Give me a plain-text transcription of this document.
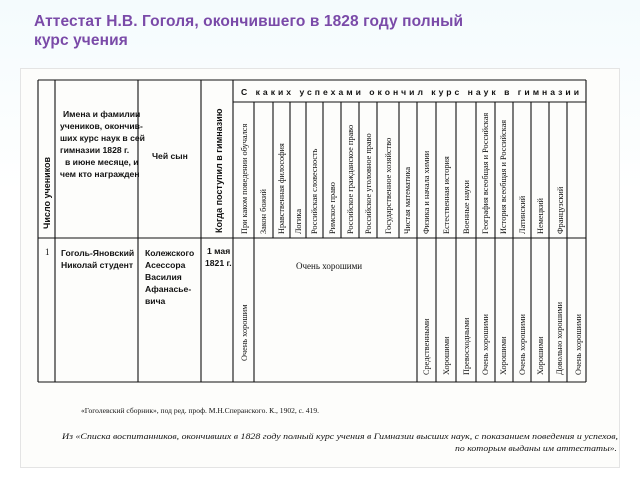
Аттестат Н.В. Гоголя, окончившего в 1828 году полный
курс учения
С каких успехами окончил курс наук в гимназии
Число учеников
Имена и фамилии
учеников, окончив-
ших курс наук в сей
гимназии 1828 г.
в июне месяце, и
чем кто награжден
Чей сын	Когда поступил в гимназию При каком поведении обучался Закон божий Нравственная философия Логика Российская словесность Римское право Российское гражданское право Российское уголовное право Государственное хозяйство Чистая математика Физика и начала химии Естественная история Военные науки География всеобщая и Российская История всеобщая и Российская Латинский Немецкий Французский
1 Гоголь-Яновский
Николай студент
Колежского
Асессора
Василия
Афанасье-
вича
1 мая
1821 г.
Очень хорошим
Очень хорошими
Средственными Хорошими Превосходными Очень хорошими Хорошими Очень хорошими Хорошими Довольно хорошими Очень хорошими
«Гоголевский сборник», под ред. проф. М.Н.Сперанского. К., 1902, с. 419.
Из «Списка воспитанников, окончивших в 1828 году полный курс учения в Гимназии высших наук, с показанием поведения и успехов,
по которым выданы им аттестаты».
